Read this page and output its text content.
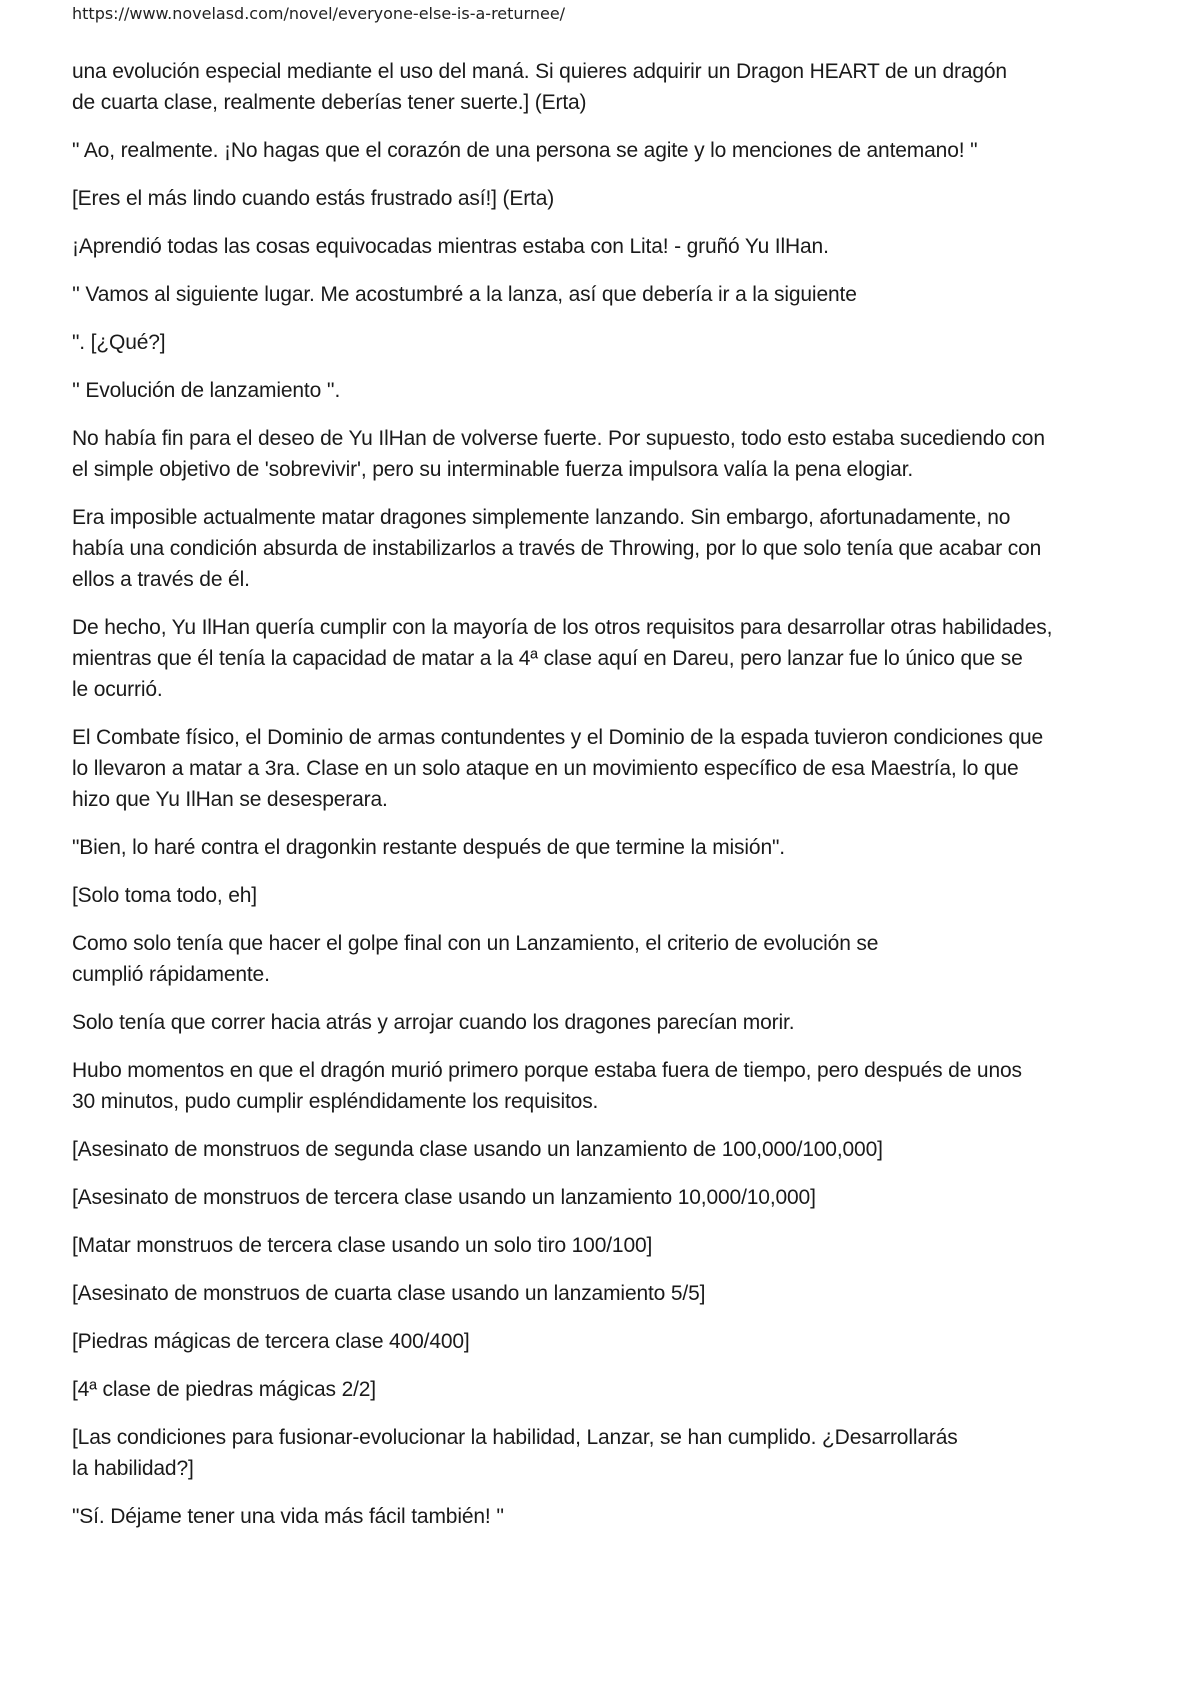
https://www.novelasd.com/novel/everyone-else-is-a-returnee/

una evolución especial mediante el uso del maná. Si quieres adquirir un Dragon HEART de un dragón
de cuarta clase, realmente deberías tener suerte.] (Erta)

" Ao, realmente. ¡No hagas que el corazón de una persona se agite y lo menciones de antemano! "

[Eres el más lindo cuando estás frustrado así!] (Erta)

¡Aprendió todas las cosas equivocadas mientras estaba con Lita! - gruñó Yu IlHan.

'' Vamos al siguiente lugar. Me acostumbré a la lanza, así que debería ir a la siguiente

". [¿Qué?]

'' Evolución de lanzamiento ''.

No había fin para el deseo de Yu IlHan de volverse fuerte. Por supuesto, todo esto estaba sucediendo con
el simple objetivo de 'sobrevivir', pero su interminable fuerza impulsora valía la pena elogiar.

Era imposible actualmente matar dragones simplemente lanzando. Sin embargo, afortunadamente, no
había una condición absurda de instabilizarlos a través de Throwing, por lo que solo tenía que acabar con
ellos a través de él.

De hecho, Yu IlHan quería cumplir con la mayoría de los otros requisitos para desarrollar otras habilidades,
mientras que él tenía la capacidad de matar a la 4ª clase aquí en Dareu, pero lanzar fue lo único que se
le ocurrió.

El Combate físico, el Dominio de armas contundentes y el Dominio de la espada tuvieron condiciones que
lo llevaron a matar a 3ra. Clase en un solo ataque en un movimiento específico de esa Maestría, lo que
hizo que Yu IlHan se desesperara.

"Bien, lo haré contra el dragonkin restante después de que termine la misión".

[Solo toma todo, eh]

Como solo tenía que hacer el golpe final con un Lanzamiento, el criterio de evolución se
cumplió rápidamente.

Solo tenía que correr hacia atrás y arrojar cuando los dragones parecían morir.

Hubo momentos en que el dragón murió primero porque estaba fuera de tiempo, pero después de unos
30 minutos, pudo cumplir espléndidamente los requisitos.

[Asesinato de monstruos de segunda clase usando un lanzamiento de 100,000/100,000]

[Asesinato de monstruos de tercera clase usando un lanzamiento 10,000/10,000]

[Matar monstruos de tercera clase usando un solo tiro 100/100]

[Asesinato de monstruos de cuarta clase usando un lanzamiento 5/5]

[Piedras mágicas de tercera clase 400/400]

[4ª clase de piedras mágicas 2/2]

[Las condiciones para fusionar-evolucionar la habilidad, Lanzar, se han cumplido. ¿Desarrollarás
la habilidad?]

"Sí. Déjame tener una vida más fácil también! ''
